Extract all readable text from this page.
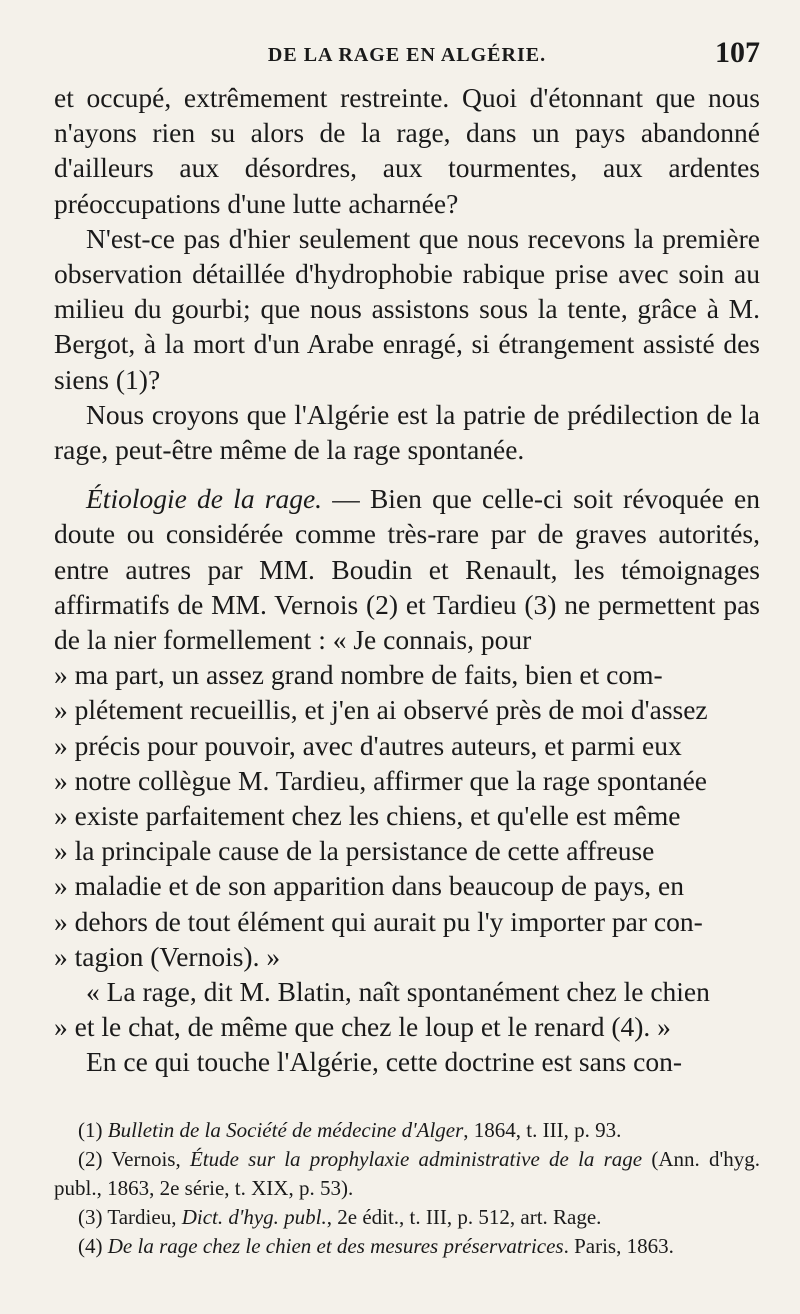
DE LA RAGE EN ALGÉRIE.	107

et occupé, extrêmement restreinte. Quoi d'étonnant que nous n'ayons rien su alors de la rage, dans un pays abandonné d'ailleurs aux désordres, aux tourmentes, aux ardentes préoccupations d'une lutte acharnée?

N'est-ce pas d'hier seulement que nous recevons la première observation détaillée d'hydrophobie rabique prise avec soin au milieu du gourbi; que nous assistons sous la tente, grâce à M. Bergot, à la mort d'un Arabe enragé, si étrangement assisté des siens (1)?

Nous croyons que l'Algérie est la patrie de prédilection de la rage, peut-être même de la rage spontanée.

Étiologie de la rage. — Bien que celle-ci soit révoquée en doute ou considérée comme très-rare par de graves autorités, entre autres par MM. Boudin et Renault, les témoignages affirmatifs de MM. Vernois (2) et Tardieu (3) ne permettent pas de la nier formellement : « Je connais, pour

» ma part, un assez grand nombre de faits, bien et com-

» plétement recueillis, et j'en ai observé près de moi d'assez

» précis pour pouvoir, avec d'autres auteurs, et parmi eux

» notre collègue M. Tardieu, affirmer que la rage spontanée

» existe parfaitement chez les chiens, et qu'elle est même

» la principale cause de la persistance de cette affreuse

» maladie et de son apparition dans beaucoup de pays, en

» dehors de tout élément qui aurait pu l'y importer par con-

» tagion (Vernois). »

« La rage, dit M. Blatin, naît spontanément chez le chien

» et le chat, de même que chez le loup et le renard (4). »

En ce qui touche l'Algérie, cette doctrine est sans con-

(1) Bulletin de la Société de médecine d'Alger, 1864, t. III, p. 93.

(2) Vernois, Étude sur la prophylaxie administrative de la rage (Ann. d'hyg. publ., 1863, 2e série, t. XIX, p. 53).

(3) Tardieu, Dict. d'hyg. publ., 2e édit., t. III, p. 512, art. Rage.

(4) De la rage chez le chien et des mesures préservatrices. Paris, 1863.
